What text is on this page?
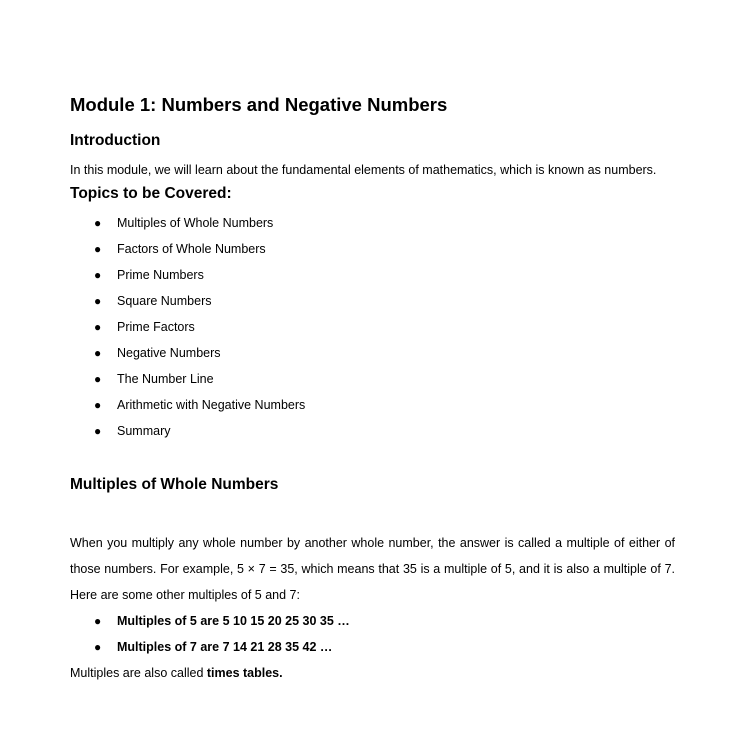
Module 1: Numbers and Negative Numbers
Introduction

In this module, we will learn about the fundamental elements of mathematics, which is known as numbers.

Topics to be Covered:
● Multiples of Whole Numbers
● Factors of Whole Numbers
● Prime Numbers
● Square Numbers
● Prime Factors
● Negative Numbers
● The Number Line
● Arithmetic with Negative Numbers
● Summary
Multiples of Whole Numbers

When you multiply any whole number by another whole number, the answer is called a multiple of either of those numbers. For example, 5 × 7 = 35, which means that 35 is a multiple of 5, and it is also a multiple of 7. Here are some other multiples of 5 and 7:

● Multiples of 5 are 5 10 15 20 25 30 35 …
● Multiples of 7 are 7 14 21 28 35 42 …

Multiples are also called times tables.
